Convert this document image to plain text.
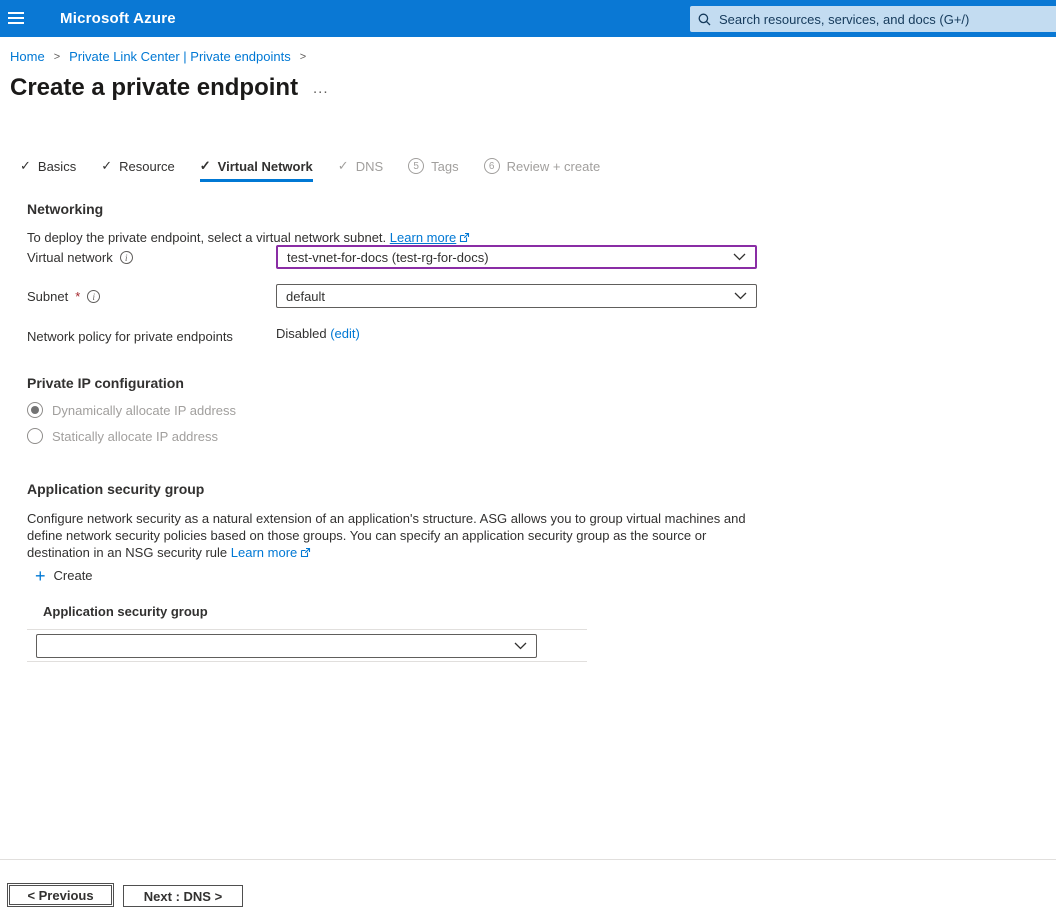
Microsoft Azure
Search resources, services, and docs (G+/)
Home > Private Link Center | Private endpoints >
Create a private endpoint ...
✓ Basics ✓ Resource ✓ Virtual Network ✓ DNS	5 Tags	6 Review + create
Networking
To deploy the private endpoint, select a virtual network subnet. Learn more
Virtual network	i	test-vnet-for-docs (test-rg-for-docs)
Subnet *	i	default
Network policy for private endpoints	Disabled (edit)
Private IP configuration
Dynamically allocate IP address
Statically allocate IP address
Application security group
Configure network security as a natural extension of an application's structure. ASG allows you to group virtual machines and define network security policies based on those groups. You can specify an application security group as the source or destination in an NSG security rule Learn more
+ Create
Application security group
< Previous	Next : DNS >
